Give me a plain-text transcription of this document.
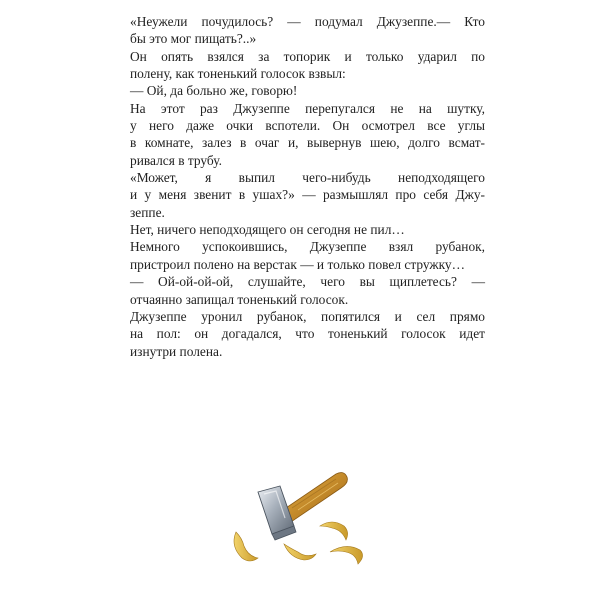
«Неужели почудилось? — подумал Джузеппе.— Кто
бы это мог пищать?..»

Он опять взялся за топорик и только ударил по
полену, как тоненький голосок взвыл:

— Ой, да больно же, говорю!

На этот раз Джузеппе перепугался не на шутку,
у него даже очки вспотели. Он осмотрел все углы
в комнате, залез в очаг и, вывернув шею, долго всмат-
ривался в трубу.

«Может, я выпил чего-нибудь неподходящего
и у меня звенит в ушах?» — размышлял про себя Джу-
зеппе.

Нет, ничего неподходящего он сегодня не пил…

Немного успокоившись, Джузеппе взял рубанок,
пристроил полено на верстак — и только повел стружку…

— Ой-ой-ой-ой, слушайте, чего вы щиплетесь? —
отчаянно запищал тоненький голосок.

Джузеппе уронил рубанок, попятился и сел прямо
на пол: он догадался, что тоненький голосок идет
изнутри полена.
